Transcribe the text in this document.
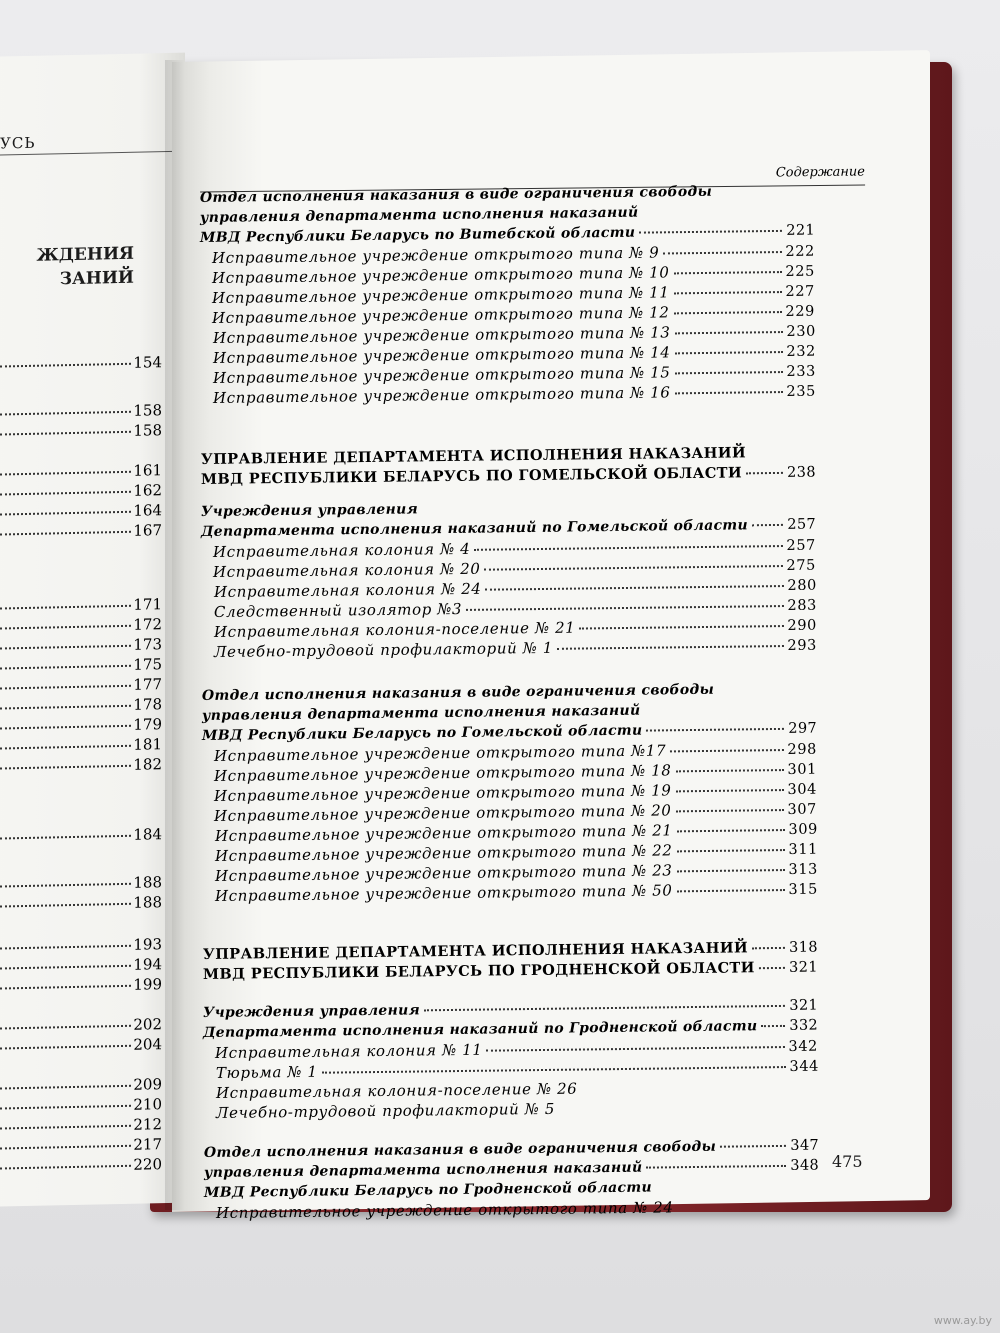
УСЬ
ЖДЕНИЯ
ЗАНИЙ
154
158
158
161
162
164
167
171
172
173
175
177
178
179
181
182
184
188
188
193
194
199
202
204
209
210
212
217
220
Содержание
Отдел исполнения наказания в виде ограничения свободы
управления департамента исполнения наказаний
МВД Республики Беларусь по Витебской области	221
Исправительное учреждение открытого типа № 9	222
Исправительное учреждение открытого типа № 10	225
Исправительное учреждение открытого типа № 11	227
Исправительное учреждение открытого типа № 12	229
Исправительное учреждение открытого типа № 13	230
Исправительное учреждение открытого типа № 14	232
Исправительное учреждение открытого типа № 15	233
Исправительное учреждение открытого типа № 16	235
УПРАВЛЕНИЕ ДЕПАРТАМЕНТА ИСПОЛНЕНИЯ НАКАЗАНИЙ
МВД РЕСПУБЛИКИ БЕЛАРУСЬ ПО ГОМЕЛЬСКОЙ ОБЛАСТИ	238
Учреждения управления
Департамента исполнения наказаний по Гомельской области	257
Исправительная колония № 4	257
Исправительная колония № 20	275
Исправительная колония № 24	280
Следственный изолятор №3	283
Исправительная колония-поселение № 21	290
Лечебно-трудовой профилакторий № 1	293
Отдел исполнения наказания в виде ограничения свободы
управления департамента исполнения наказаний
МВД Республики Беларусь по Гомельской области	297
Исправительное учреждение открытого типа №17	298
Исправительное учреждение открытого типа № 18	301
Исправительное учреждение открытого типа № 19	304
Исправительное учреждение открытого типа № 20	307
Исправительное учреждение открытого типа № 21	309
Исправительное учреждение открытого типа № 22	311
Исправительное учреждение открытого типа № 23	313
Исправительное учреждение открытого типа № 50	315
УПРАВЛЕНИЕ ДЕПАРТАМЕНТА ИСПОЛНЕНИЯ НАКАЗАНИЙ	318
МВД РЕСПУБЛИКИ БЕЛАРУСЬ ПО ГРОДНЕНСКОЙ ОБЛАСТИ 321
Учреждения управления	321
Департамента исполнения наказаний по Гродненской области 332
Исправительная колония № 11	342
Тюрьма № 1	344
Исправительная колония-поселение № 26
Лечебно-трудовой профилакторий № 5
Отдел исполнения наказания в виде ограничения свободы	347
управления департамента исполнения наказаний	348
МВД Республики Беларусь по Гродненской области
Исправительное учреждение открытого типа № 24
475
www.ay.by
